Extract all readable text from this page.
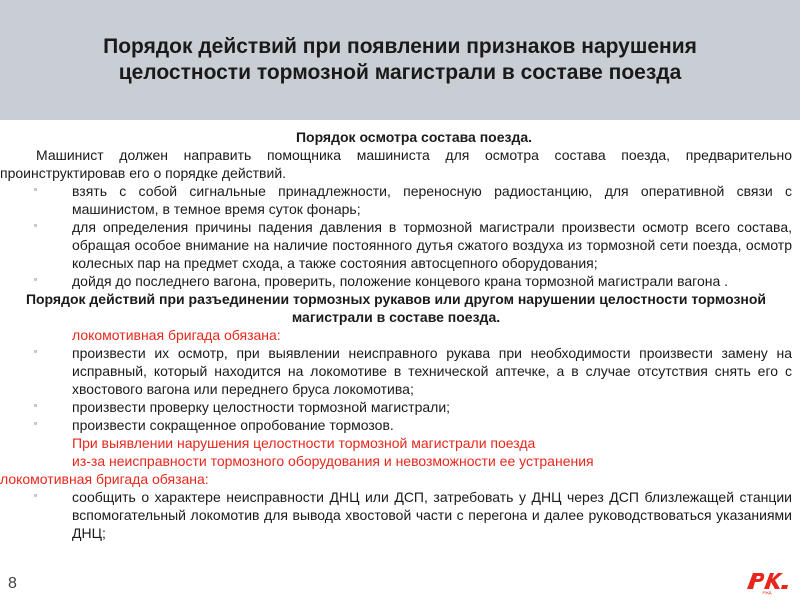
Порядок действий при появлении признаков нарушения
целостности тормозной магистрали в составе поезда

Порядок осмотра состава поезда.

Машинист должен направить помощника машиниста для осмотра состава поезда, предварительно проинструктировав его о порядке действий.

взять с собой сигнальные принадлежности, переносную радиостанцию, для оперативной связи с машинистом, в темное время суток фонарь;
для определения причины падения давления в тормозной магистрали произвести осмотр всего состава, обращая особое внимание на наличие постоянного дутья сжатого воздуха из тормозной сети поезда, осмотр колесных пар на предмет схода, а также состояния автосцепного оборудования;
дойдя до последнего вагона, проверить, положение концевого крана тормозной магистрали вагона .

Порядок действий при разъединении тормозных рукавов или другом нарушении целостности тормозной магистрали в составе поезда.

локомотивная бригада обязана:
произвести их осмотр, при выявлении неисправного рукава при необходимости произвести замену на исправный, который находится на локомотиве в технической аптечке, а в случае отсутствия снять его с хвостового вагона или переднего бруса локомотива;
произвести проверку целостности тормозной магистрали;
произвести сокращенное опробование тормозов.
При выявлении нарушения целостности тормозной магистрали поезда

из-за неисправности тормозного оборудования и невозможности ее устранения
локомотивная бригада обязана:

сообщить о характере неисправности ДНЦ или ДСП, затребовать у ДНЦ через ДСП близлежащей станции вспомогательный локомотив для вывода хвостовой части с перегона и далее руководствоваться указаниями ДНЦ;
8
РЖД
